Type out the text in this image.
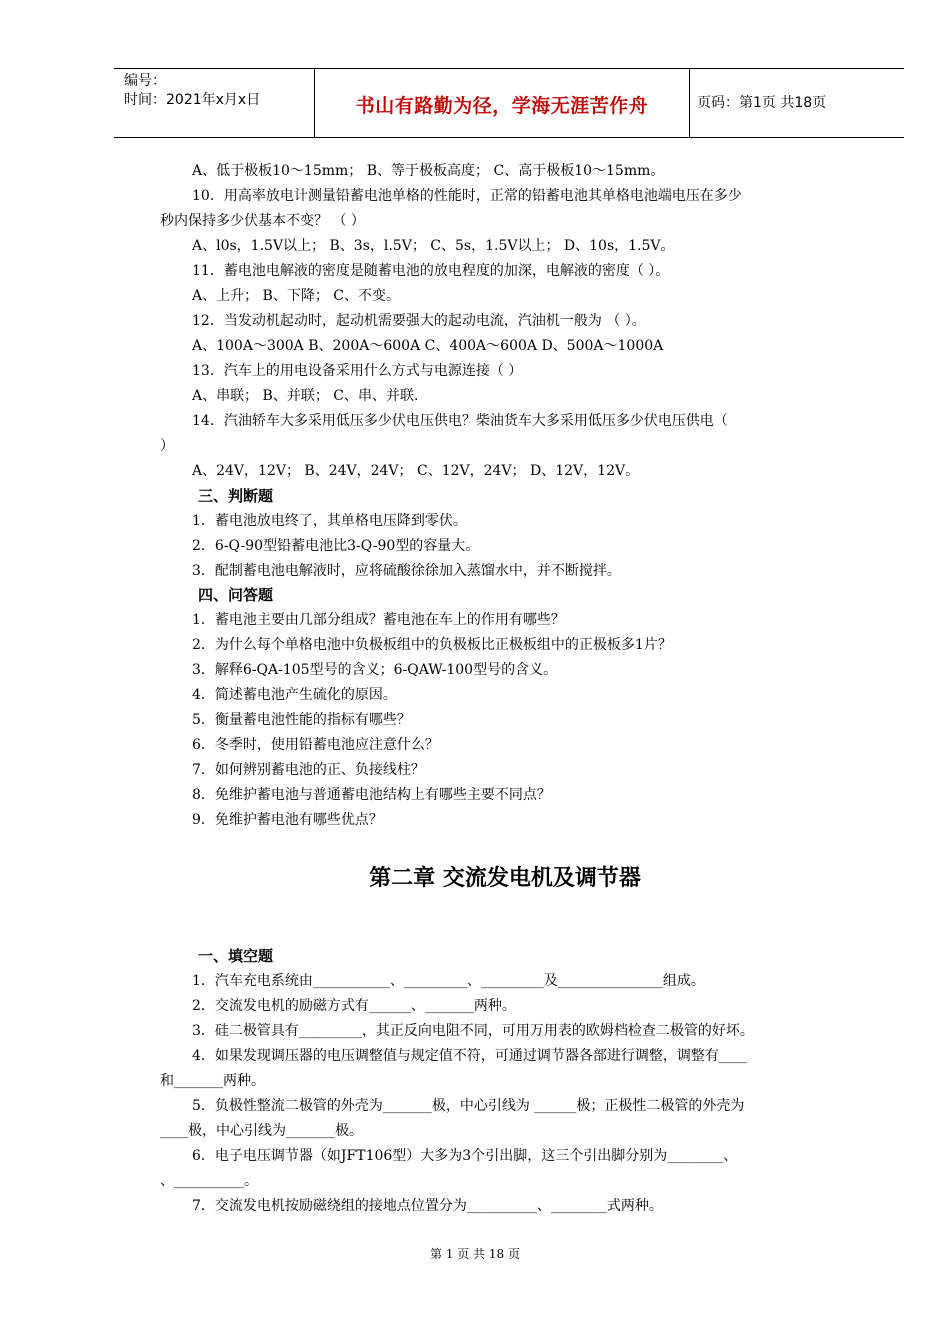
编号：
时间：2021年x月x日	书山有路勤为径，学海无涯苦作舟	页码：第1页 共18页
A、低于极板10～15mm； B、等于极板高度； C、高于极板10～15mm。
10．用高率放电计测量铅蓄电池单格的性能时，正常的铅蓄电池其单格电池端电压在多少
秒内保持多少伏基本不变？ （ ）
A、l0s，1.5V以上； B、3s，l.5V； C、5s，1.5V以上； D、10s，1.5V。
11．蓄电池电解液的密度是随蓄电池的放电程度的加深，电解液的密度（ ）。
A、上升； B、下降； C、不变。
12．当发动机起动时，起动机需要强大的起动电流，汽油机一般为 （ ）。
A、100A～300A B、200A～600A C、400A～600A D、500A～1000A
13．汽车上的用电设备采用什么方式与电源连接（ ）
A、串联； B、并联； C、串、并联.
14．汽油轿车大多采用低压多少伏电压供电？柴油货车大多采用低压多少伏电压供电（
）
A、24V，12V； B、24V，24V； C、12V，24V； D、12V，12V。
三、判断题
1．蓄电池放电终了，其单格电压降到零伏。
2．6-Q-90型铅蓄电池比3-Q-90型的容量大。
3．配制蓄电池电解液时，应将硫酸徐徐加入蒸馏水中，并不断搅拌。
四、问答题
1．蓄电池主要由几部分组成？蓄电池在车上的作用有哪些？
2．为什么每个单格电池中负极板组中的负极板比正极板组中的正极板多1片？
3．解释6-QA-105型号的含义；6-QAW-100型号的含义。
4．简述蓄电池产生硫化的原因。
5．衡量蓄电池性能的指标有哪些？
6．冬季时，使用铅蓄电池应注意什么？
7．如何辨别蓄电池的正、负接线柱？
8．免维护蓄电池与普通蓄电池结构上有哪些主要不同点？
9．免维护蓄电池有哪些优点？
第二章 交流发电机及调节器
一、填空题
1．汽车充电系统由___________、_________、_________及_______________组成。
2．交流发电机的励磁方式有______、_______两种。
3．硅二极管具有_________，其正反向电阻不同，可用万用表的欧姆档检查二极管的好坏。
4．如果发现调压器的电压调整值与规定值不符，可通过调节器各部进行调整，调整有____
和_______两种。
5．负极性整流二极管的外壳为_______极，中心引线为 ______极；正极性二极管的外壳为
____极，中心引线为_______极。
6．电子电压调节器（如JFT106型）大多为3个引出脚，这三个引出脚分别为________、
、__________。
7．交流发电机按励磁绕组的接地点位置分为__________、________式两种。
第 1 页 共 18 页
